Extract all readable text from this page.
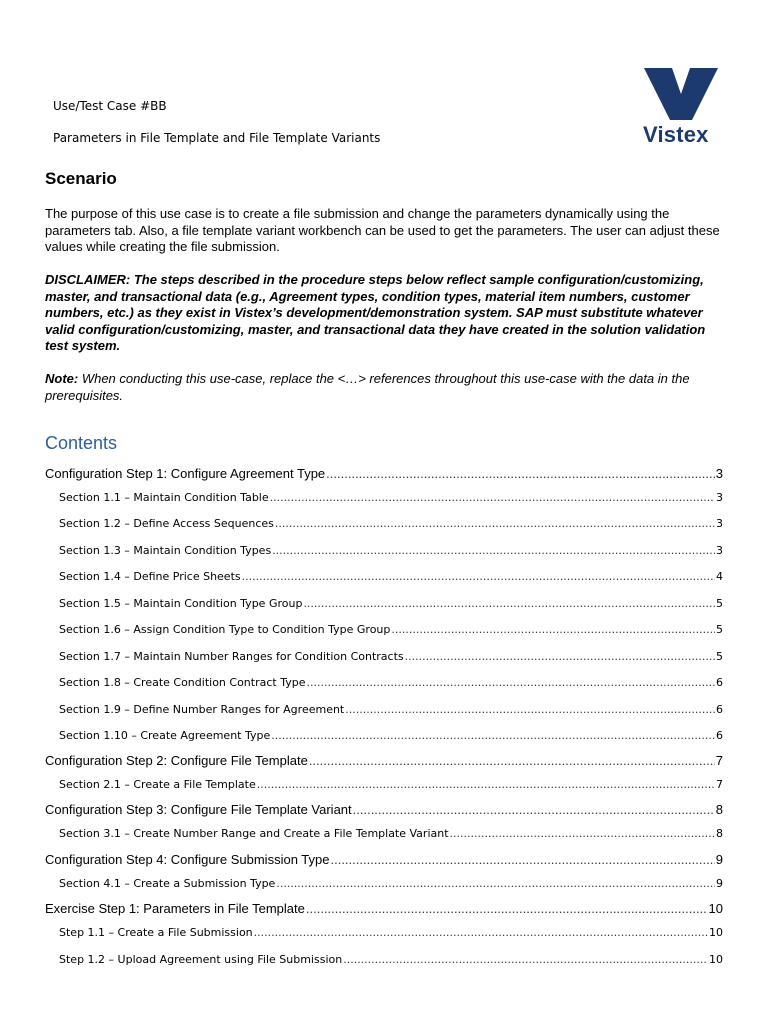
Use/Test Case #BB
Parameters in File Template and File Template Variants	Vistex
Scenario
The purpose of this use case is to create a file submission and change the parameters dynamically using the parameters tab. Also, a file template variant workbench can be used to get the parameters. The user can adjust these values while creating the file submission.
DISCLAIMER: The steps described in the procedure steps below reflect sample configuration/customizing, master, and transactional data (e.g., Agreement types, condition types, material item numbers, customer numbers, etc.) as they exist in Vistex’s development/demonstration system. SAP must substitute whatever valid configuration/customizing, master, and transactional data they have created in the solution validation test system.
Note: When conducting this use-case, replace the <…> references throughout this use-case with the data in the prerequisites.
Contents
Configuration Step 1: Configure Agreement Type .....	3
Section 1.1 – Maintain Condition Table .....	3
Section 1.2 – Define Access Sequences .....	3
Section 1.3 – Maintain Condition Types .....	3
Section 1.4 – Define Price Sheets .....	4
Section 1.5 – Maintain Condition Type Group .....	5
Section 1.6 – Assign Condition Type to Condition Type Group .....	5
Section 1.7 – Maintain Number Ranges for Condition Contracts .....	5
Section 1.8 – Create Condition Contract Type .....	6
Section 1.9 – Define Number Ranges for Agreement .....	6
Section 1.10 – Create Agreement Type .....	6
Configuration Step 2: Configure File Template .....	7
Section 2.1 – Create a File Template .....	7
Configuration Step 3: Configure File Template Variant .....	8
Section 3.1 – Create Number Range and Create a File Template Variant .....	8
Configuration Step 4: Configure Submission Type .....	9
Section 4.1 – Create a Submission Type .....	9
Exercise Step 1: Parameters in File Template .....	10
Step 1.1 – Create a File Submission .....	10
Step 1.2 – Upload Agreement using File Submission .....	10
